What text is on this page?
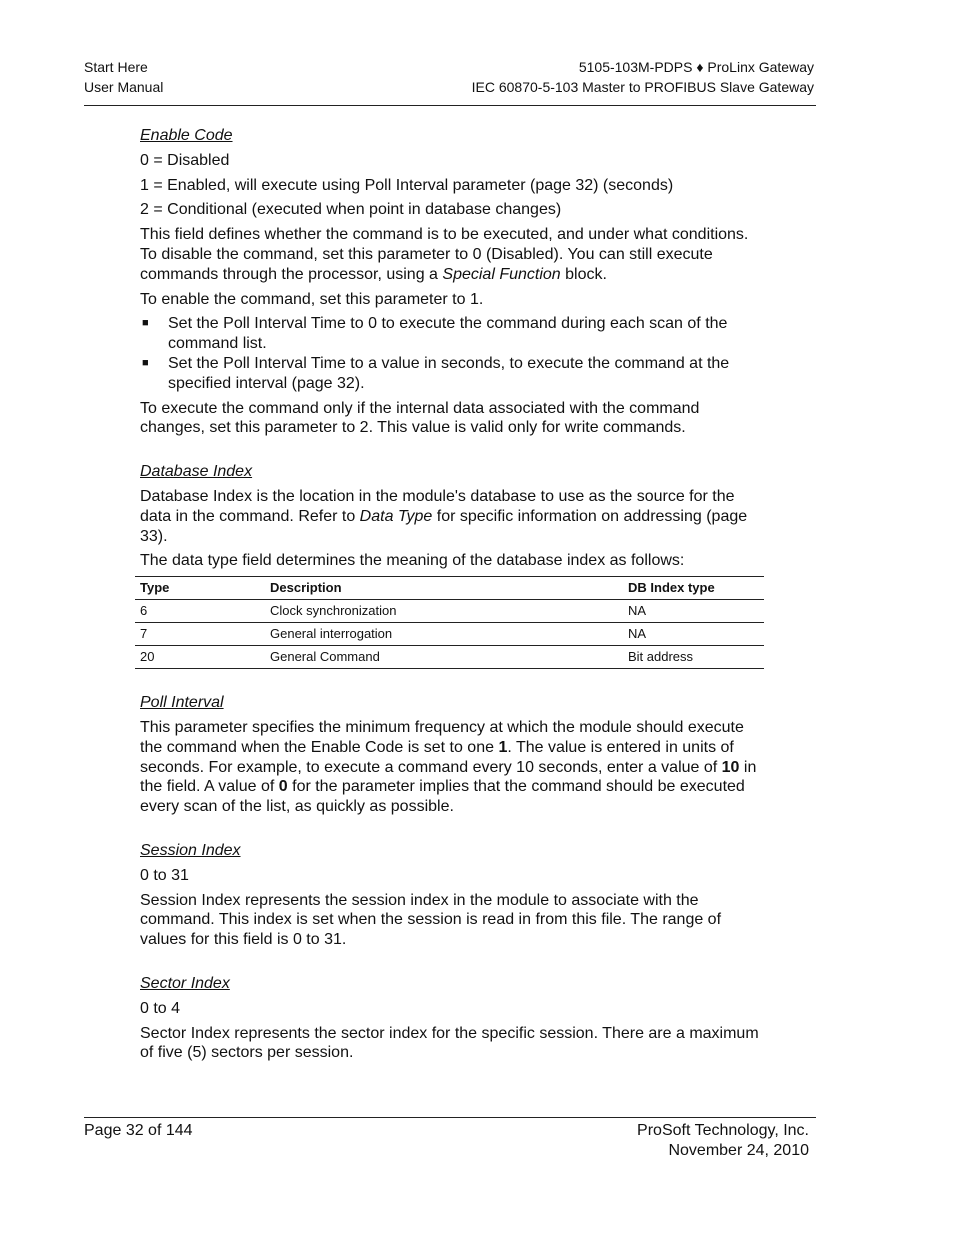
Start Here
User Manual
5105-103M-PDPS ♦ ProLinx Gateway
IEC 60870-5-103 Master to PROFIBUS Slave Gateway
Enable Code

0 = Disabled

1 = Enabled, will execute using Poll Interval parameter (page 32) (seconds)

2 = Conditional (executed when point in database changes)

This field defines whether the command is to be executed, and under what conditions. To disable the command, set this parameter to 0 (Disabled). You can still execute commands through the processor, using a Special Function block.

To enable the command, set this parameter to 1.

■ Set the Poll Interval Time to 0 to execute the command during each scan of the command list.
■ Set the Poll Interval Time to a value in seconds, to execute the command at the specified interval (page 32).

To execute the command only if the internal data associated with the command changes, set this parameter to 2. This value is valid only for write commands.

Database Index

Database Index is the location in the module's database to use as the source for the data in the command. Refer to Data Type for specific information on addressing (page 33).

The data type field determines the meaning of the database index as follows:

Type	Description	DB Index type
6	Clock synchronization	NA
7	General interrogation	NA
20	General Command	Bit address
Poll Interval

This parameter specifies the minimum frequency at which the module should execute the command when the Enable Code is set to one 1. The value is entered in units of seconds. For example, to execute a command every 10 seconds, enter a value of 10 in the field. A value of 0 for the parameter implies that the command should be executed every scan of the list, as quickly as possible.

Session Index

0 to 31

Session Index represents the session index in the module to associate with the command. This index is set when the session is read in from this file. The range of values for this field is 0 to 31.

Sector Index

0 to 4

Sector Index represents the sector index for the specific session. There are a maximum of five (5) sectors per session.

Page 32 of 144	ProSoft Technology, Inc.
November 24, 2010
